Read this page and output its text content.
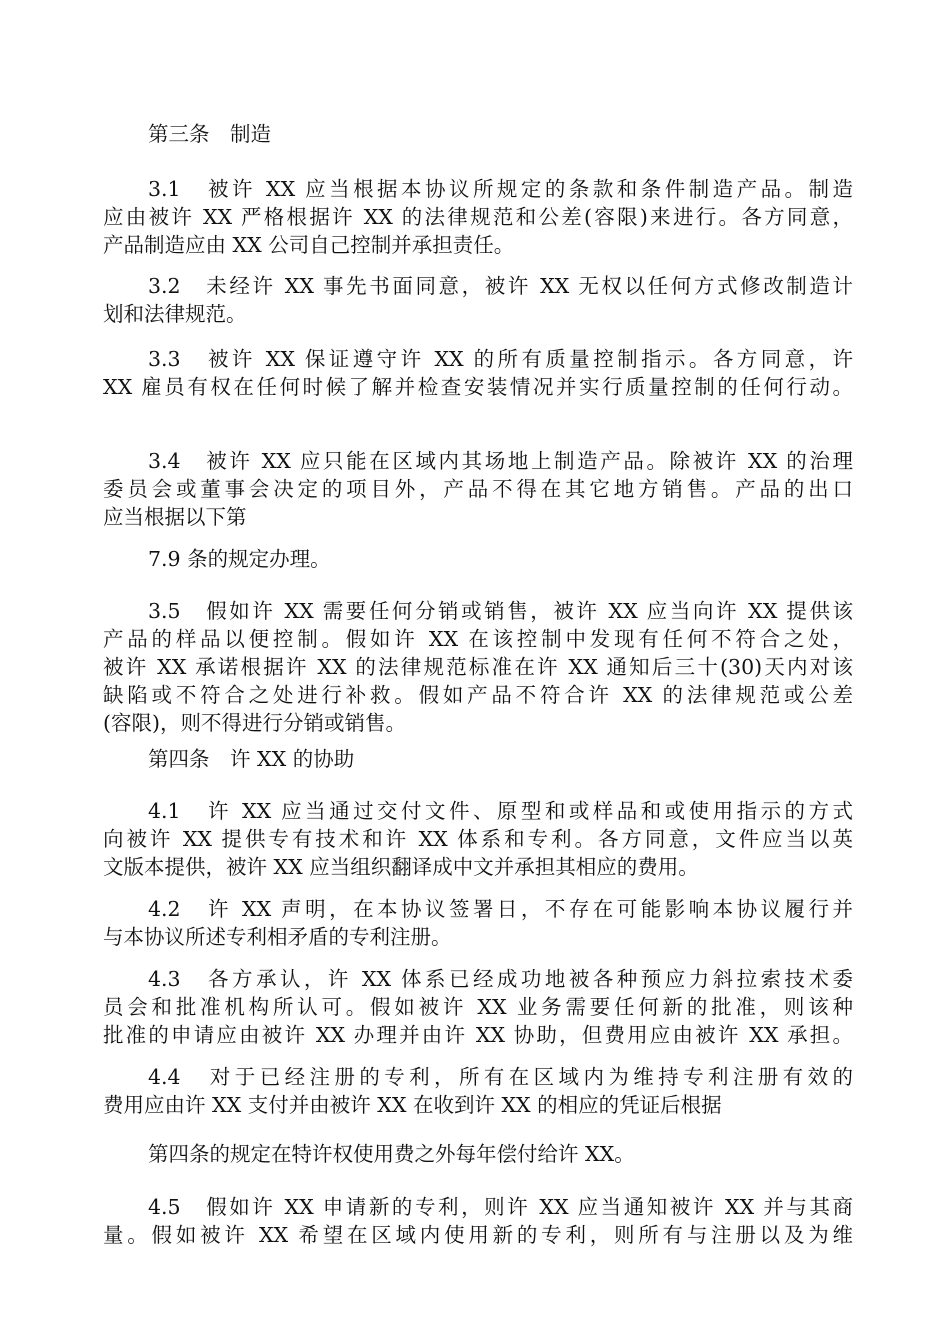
第三条　制造
3.1　被许 XX 应当根据本协议所规定的条款和条件制造产品。制造
应由被许 XX 严格根据许 XX 的法律规范和公差(容限)来进行。各方同意，
产品制造应由 XX 公司自己控制并承担责任。
3.2　未经许 XX 事先书面同意，被许 XX 无权以任何方式修改制造计
划和法律规范。
3.3　被许 XX 保证遵守许 XX 的所有质量控制指示。各方同意，许
XX 雇员有权在任何时候了解并检查安装情况并实行质量控制的任何行动。
3.4　被许 XX 应只能在区域内其场地上制造产品。除被许 XX 的治理
委员会或董事会决定的项目外，产品不得在其它地方销售。产品的出口
应当根据以下第
7.9 条的规定办理。
3.5　假如许 XX 需要任何分销或销售，被许 XX 应当向许 XX 提供该
产品的样品以便控制。假如许 XX 在该控制中发现有任何不符合之处，
被许 XX 承诺根据许 XX 的法律规范标准在许 XX 通知后三十(30)天内对该
缺陷或不符合之处进行补救。假如产品不符合许 XX 的法律规范或公差
(容限)，则不得进行分销或销售。
第四条　许 XX 的协助
4.1　许 XX 应当通过交付文件、原型和或样品和或使用指示的方式
向被许 XX 提供专有技术和许 XX 体系和专利。各方同意，文件应当以英
文版本提供，被许 XX 应当组织翻译成中文并承担其相应的费用。
4.2　许 XX 声明，在本协议签署日，不存在可能影响本协议履行并
与本协议所述专利相矛盾的专利注册。
4.3　各方承认，许 XX 体系已经成功地被各种预应力斜拉索技术委
员会和批准机构所认可。假如被许 XX 业务需要任何新的批准，则该种
批准的申请应由被许 XX 办理并由许 XX 协助，但费用应由被许 XX 承担。
4.4　对于已经注册的专利，所有在区域内为维持专利注册有效的
费用应由许 XX 支付并由被许 XX 在收到许 XX 的相应的凭证后根据
第四条的规定在特许权使用费之外每年偿付给许 XX。
4.5　假如许 XX 申请新的专利，则许 XX 应当通知被许 XX 并与其商
量。假如被许 XX 希望在区域内使用新的专利，则所有与注册以及为维
